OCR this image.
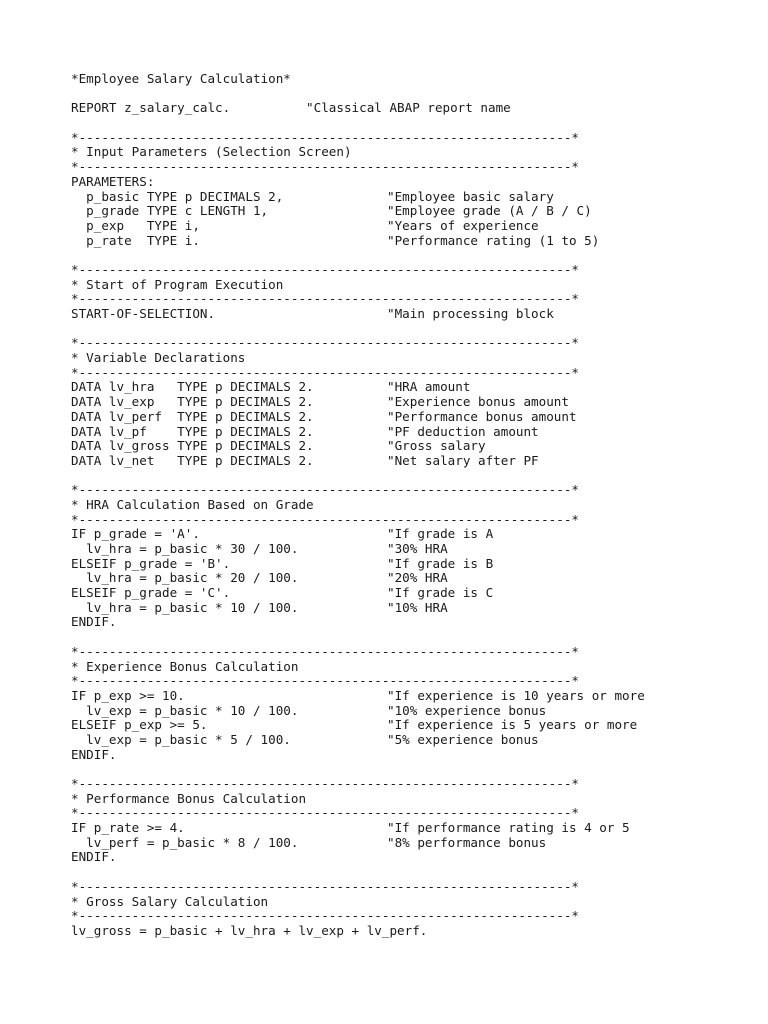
*Employee Salary Calculation*
REPORT z_salary_calc.          "Classical ABAP report name
*-----------------------------------------------------------------*
* Input Parameters (Selection Screen)
*-----------------------------------------------------------------*
PARAMETERS:
p_basic TYPE p DECIMALS 2,	"Employee basic salary
p_grade TYPE c LENGTH 1,	"Employee grade (A / B / C)
p_exp   TYPE i,	"Years of experience
p_rate  TYPE i.	"Performance rating (1 to 5)
*-----------------------------------------------------------------*
* Start of Program Execution
*-----------------------------------------------------------------*
START-OF-SELECTION.	"Main processing block
*-----------------------------------------------------------------*
* Variable Declarations
*-----------------------------------------------------------------*
DATA lv_hra   TYPE p DECIMALS 2.	"HRA amount
DATA lv_exp   TYPE p DECIMALS 2.	"Experience bonus amount
DATA lv_perf  TYPE p DECIMALS 2.	"Performance bonus amount
DATA lv_pf    TYPE p DECIMALS 2.	"PF deduction amount
DATA lv_gross TYPE p DECIMALS 2.	"Gross salary
DATA lv_net   TYPE p DECIMALS 2.	"Net salary after PF
*-----------------------------------------------------------------*
* HRA Calculation Based on Grade
*-----------------------------------------------------------------*
IF p_grade = 'A'.	"If grade is A
lv_hra = p_basic * 30 / 100.	"30% HRA
ELSEIF p_grade = 'B'.	"If grade is B
lv_hra = p_basic * 20 / 100.	"20% HRA
ELSEIF p_grade = 'C'.	"If grade is C
lv_hra = p_basic * 10 / 100.	"10% HRA
ENDIF.
*-----------------------------------------------------------------*
* Experience Bonus Calculation
*-----------------------------------------------------------------*
IF p_exp >= 10.	"If experience is 10 years or more
lv_exp = p_basic * 10 / 100.	"10% experience bonus
ELSEIF p_exp >= 5.	"If experience is 5 years or more
lv_exp = p_basic * 5 / 100.	"5% experience bonus
ENDIF.
*-----------------------------------------------------------------*
* Performance Bonus Calculation
*-----------------------------------------------------------------*
IF p_rate >= 4.	"If performance rating is 4 or 5
lv_perf = p_basic * 8 / 100.	"8% performance bonus
ENDIF.
*-----------------------------------------------------------------*
* Gross Salary Calculation
*-----------------------------------------------------------------*
lv_gross = p_basic + lv_hra + lv_exp + lv_perf.
